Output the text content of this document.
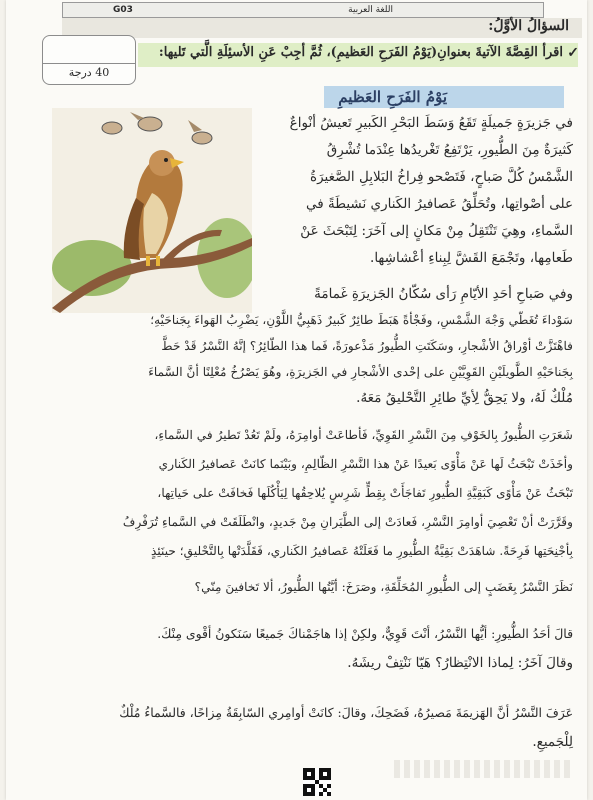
G03	اللغة العربية
السؤالُ الأوَّلُ:
40 درجة
✓
اقرأ القِصَّةَ الآتيةَ بعنوانِ(يَوْمُ الفَرَحِ العَظيمِ)، ثُمَّ أجِبْ عَنِ الأسئِلَةِ الَّتي تَليها:
يَوْمُ الفَرَحِ العَظيمِ
في جَزيرَةٍ جَميلَةٍ تَقَعُ وَسَطَ البَحْرِ الكَبيرِ تَعيشُ أنْواعٌ
كَثيرَةٌ مِنَ الطُّيورِ، يَرْتَفِعُ تَغْريدُها عِنْدَما تُشْرِقُ
الشَّمْسُ كُلَّ صَباحٍ، فَتَصْحو فِراخُ البَلابِلِ الصَّغيرَةُ
على أصْواتِها، وتُحَلِّقُ عَصافيرُ الكَناري نَشيطَةً في
السَّماءِ، وهِيَ تَنْتَقِلُ مِنْ مَكانٍ إلى آخَرَ: لِتَبْحَثَ عَنْ
طَعامِها، وتَجْمَعَ القَشَّ لِبِناءِ أعْشاشِها.
وفي صَباحِ أحَدِ الأيّامِ رَأى سُكّانُ الجَزيرَةِ غَمامَةً
سَوْداءَ تُغَطّي وَجْهَ الشَّمْسِ، وفَجْأةً هَبَطَ طائِرٌ كَبيرٌ ذَهَبِيُّ اللَّوْنِ، يَضْرِبُ الهَواءَ بِجَناحَيْهِ؛
فاهْتَزَّتْ أوْراقُ الأشْجارِ، وسَكَتَتِ الطُّيورُ مَذْعورَةً، فَما هذا الطّائِرُ؟ إنَّهُ النَّسْرُ قَدْ حَطَّ
بِجَناحَيْهِ الطَّويلَيْنِ القَوِيَّيْنِ على إحْدى الأشْجارِ في الجَزيرَةِ، وهُوَ يَصْرُخُ مُعْلِنًا أنَّ السَّماءَ
مُلْكٌ لَهُ، ولا يَحِقُّ لِأيِّ طائِرِ التَّحْليقُ مَعَهُ.
شَعَرَتِ الطُّيورُ بِالخَوْفِ مِنَ النَّسْرِ القَوِيِّ، فَأطاعَتْ أوامِرَهُ، ولَمْ تَعُدْ تَطيرُ في السَّماءِ،
وأخَذَتْ تَبْحَثُ لَها عَنْ مَأْوًى بَعيدًا عَنْ هذا النَّسْرِ الظّالِمِ، وبَيْنَما كانَتْ عَصافيرُ الكَناري
تَبْحَثُ عَنْ مَأْوًى كَبَقِيَّةِ الطُّيورِ تَفاجَأَتْ بِقِطٍّ شَرِسٍ يُلاحِقُها لِيَأْكُلَها فَخافَتْ على حَياتِها،
وقَرَّرَتْ أنْ تَعْصِيَ أوامِرَ النَّسْرِ، فَعادَتْ إلى الطَّيَرانِ مِنْ جَديدٍ، وانْطَلَقَتْ في السَّماءِ تُرَفْرِفُ
بِأجْنِحَتِها فَرِحَةً. شاهَدَتْ بَقِيَّةُ الطُّيورِ ما فَعَلَتْهُ عَصافيرُ الكَناري، فَقَلَّدَتْها بِالتَّحْليقِ؛ حينَئِذٍ
نَظَرَ النَّسْرُ بِغَضَبٍ إلى الطُّيورِ المُحَلِّقَةِ، وصَرَخَ: أيَّتُها الطُّيورُ، ألا تَخافينَ مِنّي؟
قالَ أحَدُ الطُّيورِ: أيُّها النَّسْرُ، أنْتَ قَوِيٌّ، ولكِنْ إذا هاجَمْناكَ جَميعًا سَنَكونُ أقْوى مِنْكَ.
وقالَ آخَرُ: لِماذا الانْتِظارُ؟ هَيّا نَنْتِفْ ريشَهُ.
عَرَفَ النَّسْرُ أنَّ الهَزيمَةَ مَصيرُهُ، فَضَحِكَ، وقالَ: كانَتْ أوامِري السّابِقَةُ مِزاحًا، فالسَّماءُ مُلْكٌ
لِلْجَميعِ.
